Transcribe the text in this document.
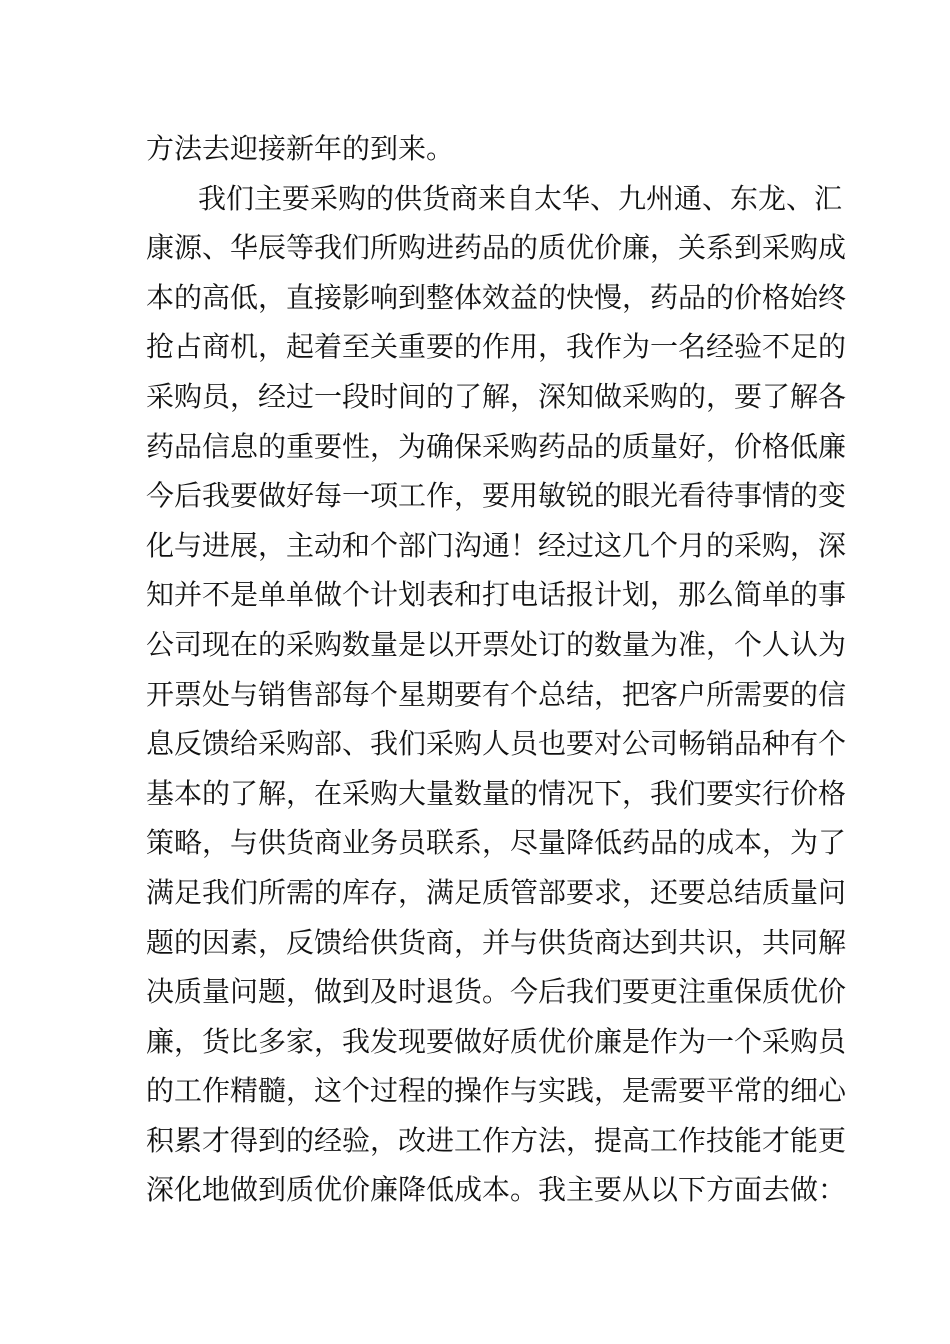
方法去迎接新年的到来。
我们主要采购的供货商来自太华、九州通、东龙、汇
康源、华辰等我们所购进药品的质优价廉，关系到采购成
本的高低，直接影响到整体效益的快慢，药品的价格始终
抢占商机，起着至关重要的作用，我作为一名经验不足的
采购员，经过一段时间的了解，深知做采购的，要了解各
药品信息的重要性，为确保采购药品的质量好，价格低廉
今后我要做好每一项工作，要用敏锐的眼光看待事情的变
化与进展，主动和个部门沟通！经过这几个月的采购，深
知并不是单单做个计划表和打电话报计划，那么简单的事
公司现在的采购数量是以开票处订的数量为准，个人认为
开票处与销售部每个星期要有个总结，把客户所需要的信
息反馈给采购部、我们采购人员也要对公司畅销品种有个
基本的了解，在采购大量数量的情况下，我们要实行价格
策略，与供货商业务员联系，尽量降低药品的成本，为了
满足我们所需的库存，满足质管部要求，还要总结质量问
题的因素，反馈给供货商，并与供货商达到共识，共同解
决质量问题，做到及时退货。今后我们要更注重保质优价
廉，货比多家，我发现要做好质优价廉是作为一个采购员
的工作精髓，这个过程的操作与实践，是需要平常的细心
积累才得到的经验，改进工作方法，提高工作技能才能更
深化地做到质优价廉降低成本。我主要从以下方面去做：
